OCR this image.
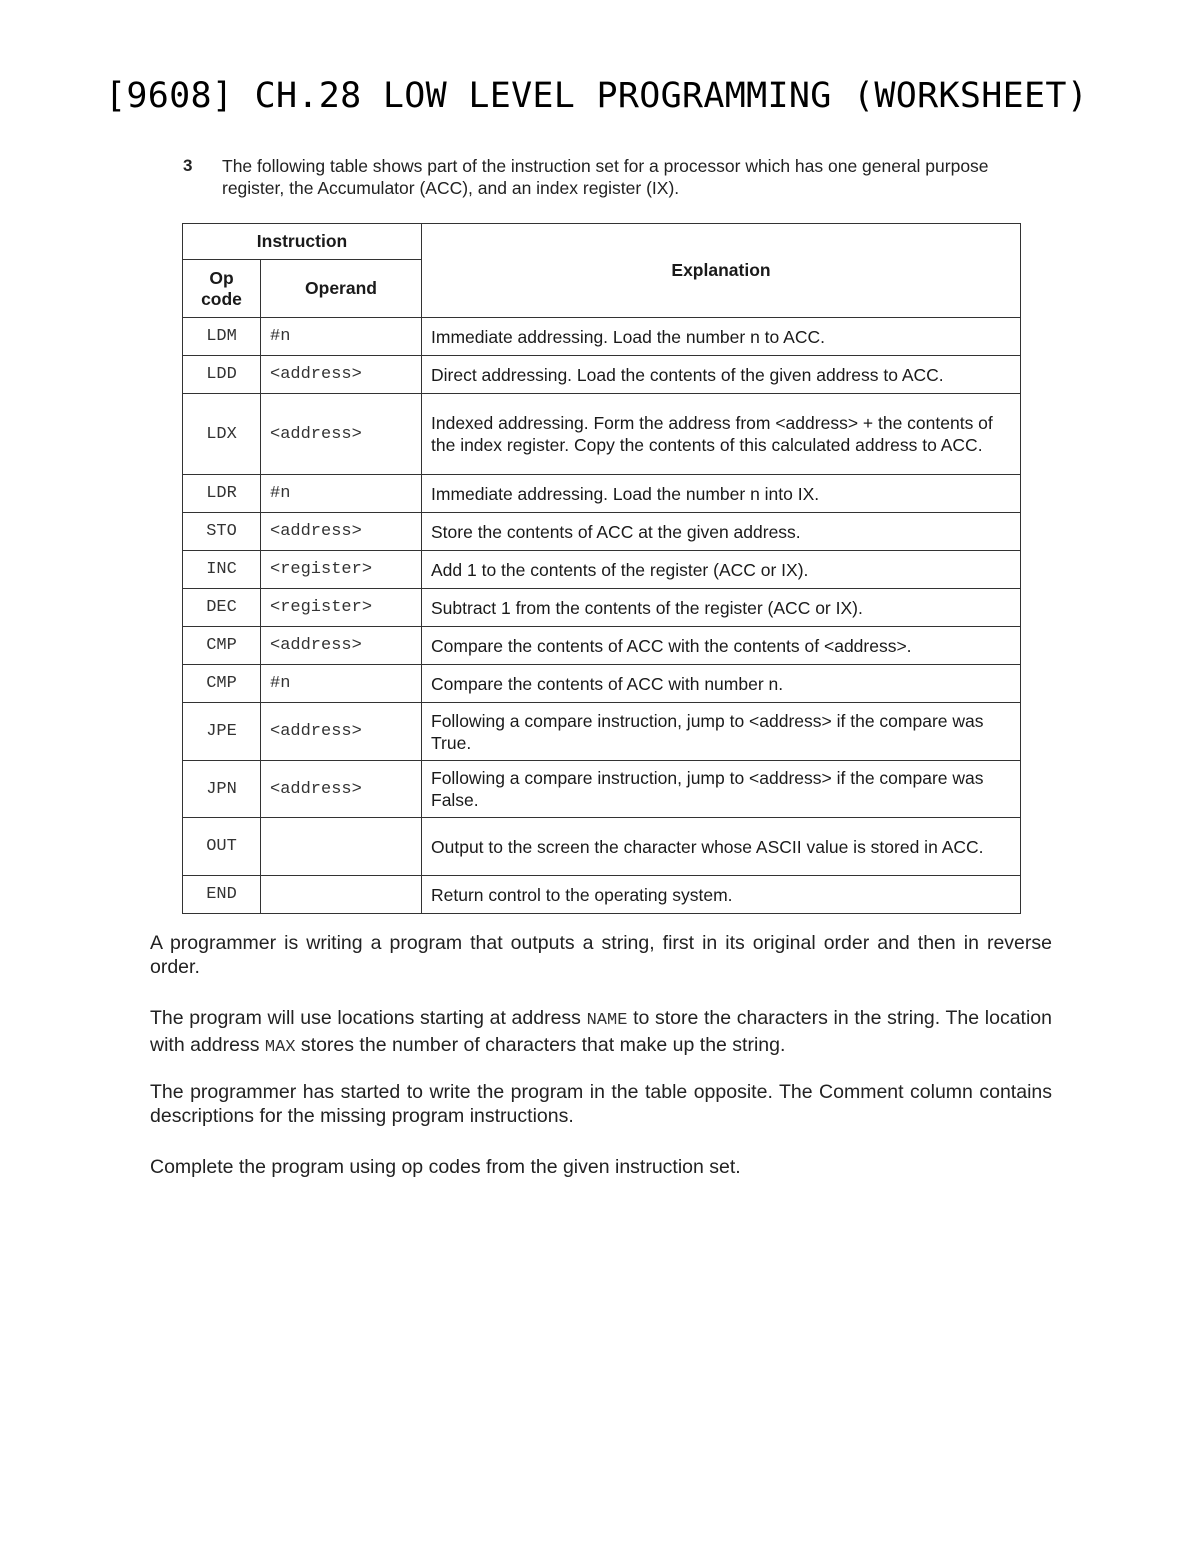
[9608] CH.28 LOW LEVEL PROGRAMMING (WORKSHEET)
3 The following table shows part of the instruction set for a processor which has one general purpose register, the Accumulator (ACC), and an index register (IX).
Instruction		Explanation
Op code	Operand	
LDM	#n	Immediate addressing. Load the number n to ACC.
LDD	<address>	Direct addressing. Load the contents of the given address to ACC.
LDX	<address>	Indexed addressing. Form the address from <address> + the contents of the index register. Copy the contents of this calculated address to ACC.
LDR	#n	Immediate addressing. Load the number n into IX.
STO	<address>	Store the contents of ACC at the given address.
INC	<register>	Add 1 to the contents of the register (ACC or IX).
DEC	<register>	Subtract 1 from the contents of the register (ACC or IX).
CMP	<address>	Compare the contents of ACC with the contents of <address>.
CMP	#n	Compare the contents of ACC with number n.
JPE	<address>	Following a compare instruction, jump to <address> if the compare was True.
JPN	<address>	Following a compare instruction, jump to <address> if the compare was False.
OUT		Output to the screen the character whose ASCII value is stored in ACC.
END		Return control to the operating system.
A programmer is writing a program that outputs a string, first in its original order and then in reverse order.
The program will use locations starting at address NAME to store the characters in the string. The location with address MAX stores the number of characters that make up the string.
The programmer has started to write the program in the table opposite. The Comment column contains descriptions for the missing program instructions.
Complete the program using op codes from the given instruction set.
